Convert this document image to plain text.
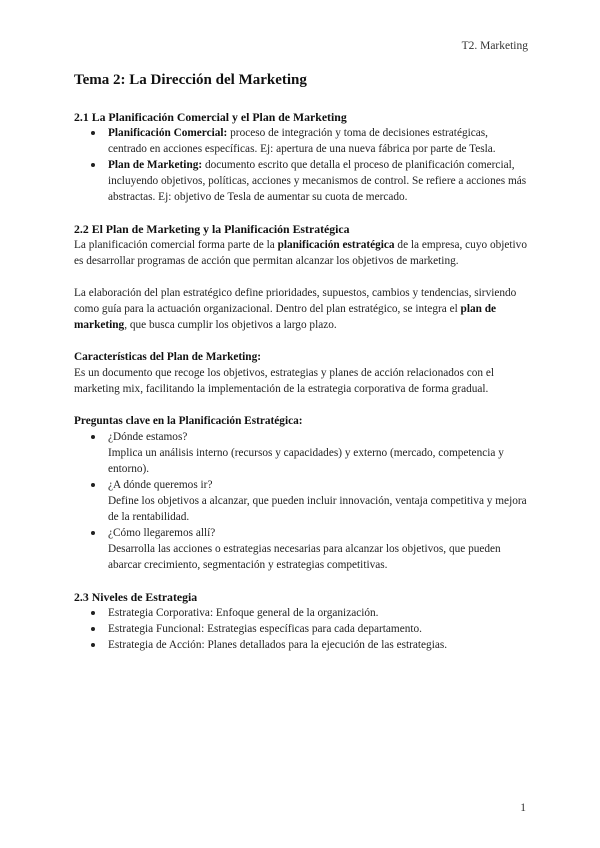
T2. Marketing
Tema 2: La Dirección del Marketing
2.1 La Planificación Comercial y el Plan de Marketing
Planificación Comercial: proceso de integración y toma de decisiones estratégicas, centrado en acciones específicas. Ej: apertura de una nueva fábrica por parte de Tesla.
Plan de Marketing: documento escrito que detalla el proceso de planificación comercial, incluyendo objetivos, políticas, acciones y mecanismos de control. Se refiere a acciones más abstractas. Ej: objetivo de Tesla de aumentar su cuota de mercado.
2.2 El Plan de Marketing y la Planificación Estratégica

La planificación comercial forma parte de la planificación estratégica de la empresa, cuyo objetivo es desarrollar programas de acción que permitan alcanzar los objetivos de marketing.

La elaboración del plan estratégico define prioridades, supuestos, cambios y tendencias, sirviendo como guía para la actuación organizacional. Dentro del plan estratégico, se integra el plan de marketing, que busca cumplir los objetivos a largo plazo.

Características del Plan de Marketing:

Es un documento que recoge los objetivos, estrategias y planes de acción relacionados con el marketing mix, facilitando la implementación de la estrategia corporativa de forma gradual.

Preguntas clave en la Planificación Estratégica:
¿Dónde estamos?
Implica un análisis interno (recursos y capacidades) y externo (mercado, competencia y entorno).
¿A dónde queremos ir?
Define los objetivos a alcanzar, que pueden incluir innovación, ventaja competitiva y mejora de la rentabilidad.
¿Cómo llegaremos allí?
Desarrolla las acciones o estrategias necesarias para alcanzar los objetivos, que pueden abarcar crecimiento, segmentación y estrategias competitivas.
2.3 Niveles de Estrategia
Estrategia Corporativa: Enfoque general de la organización.
Estrategia Funcional: Estrategias específicas para cada departamento.
Estrategia de Acción: Planes detallados para la ejecución de las estrategias.
1
